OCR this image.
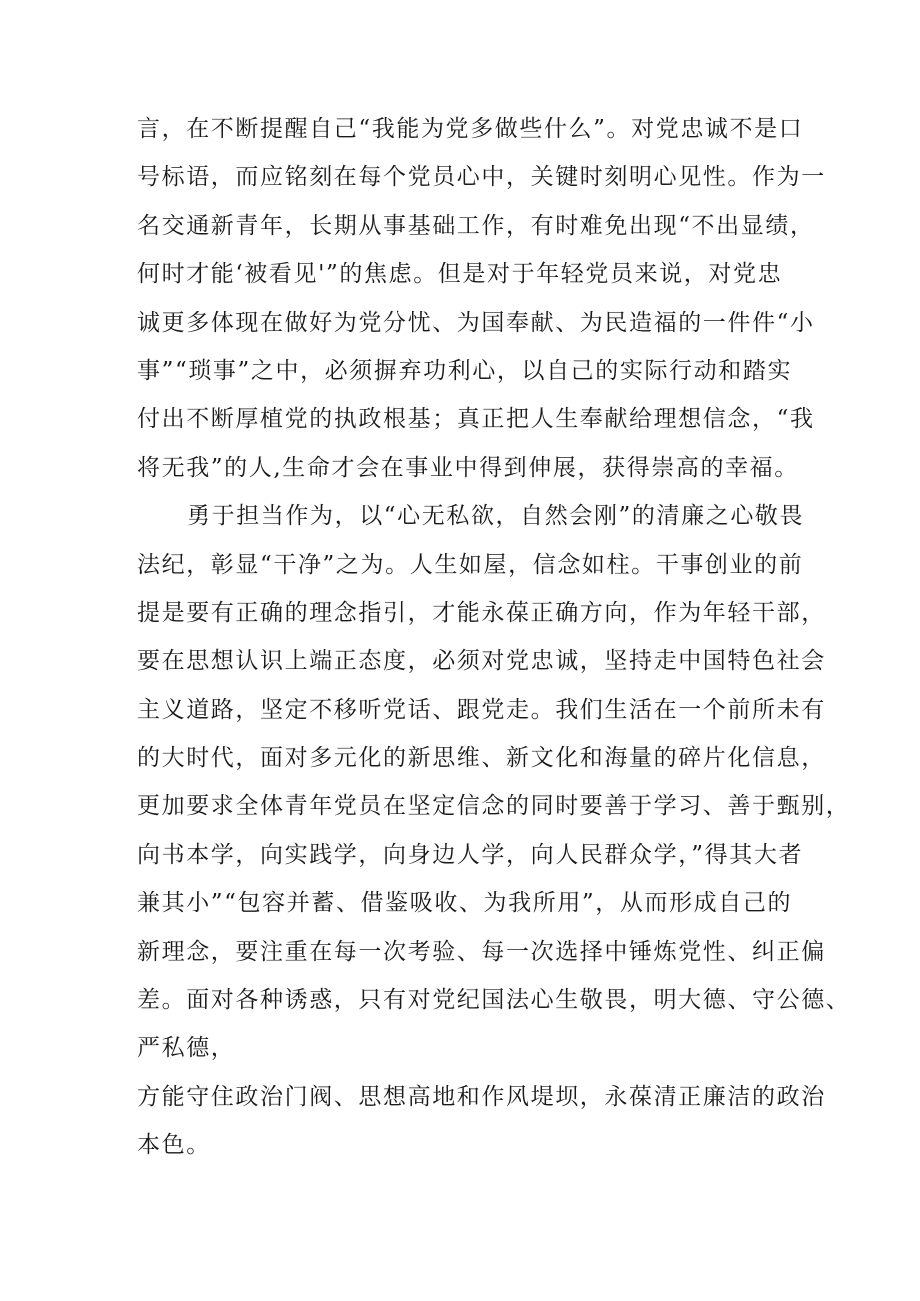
言，在不断提醒自己“我能为党多做些什么”。对党忠诚不是口
号标语，而应铭刻在每个党员心中，关键时刻明心见性。作为一
名交通新青年，长期从事基础工作，有时难免出现“不出显绩，
何时才能‘被看见'”的焦虑。但是对于年轻党员来说，对党忠
诚更多体现在做好为党分忧、为国奉献、为民造福的一件件“小
事”“琐事”之中，必须摒弃功利心，以自己的实际行动和踏实
付出不断厚植党的执政根基；真正把人生奉献给理想信念，“我
将无我”的人,生命才会在事业中得到伸展，获得崇高的幸福。
勇于担当作为，以“心无私欲，自然会刚”的清廉之心敬畏
法纪，彰显“干净”之为。人生如屋，信念如柱。干事创业的前
提是要有正确的理念指引，才能永葆正确方向，作为年轻干部，
要在思想认识上端正态度，必须对党忠诚，坚持走中国特色社会
主义道路，坚定不移听党话、跟党走。我们生活在一个前所未有
的大时代，面对多元化的新思维、新文化和海量的碎片化信息，
更加要求全体青年党员在坚定信念的同时要善于学习、善于甄别，
向书本学，向实践学，向身边人学，向人民群众学，”得其大者
兼其小”“包容并蓄、借鉴吸收、为我所用”，从而形成自己的
新理念，要注重在每一次考验、每一次选择中锤炼党性、纠正偏
差。面对各种诱惑，只有对党纪国法心生敬畏，明大德、守公德、
严私德，
方能守住政治门阀、思想高地和作风堤坝，永葆清正廉洁的政治
本色。
